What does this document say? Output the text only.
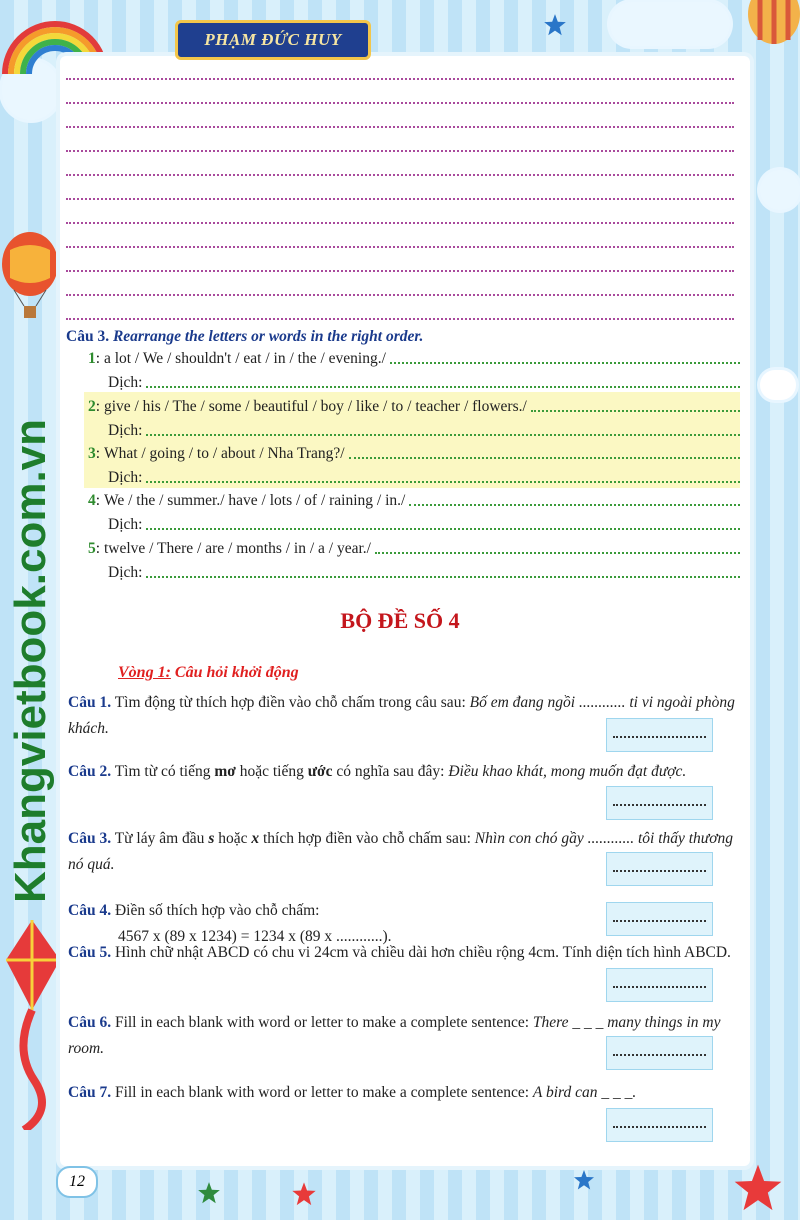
PHẠM ĐỨC HUY
Khangvietbook.com.vn
Câu 3. Rearrange the letters or words in the right order.
1 : a lot / We / shouldn't / eat / in / the / evening./
Dịch:
2 : give / his / The / some / beautiful / boy / like / to / teacher / flowers./
Dịch:
3 : What / going / to / about / Nha Trang?/
Dịch:
4 : We / the / summer./ have / lots / of / raining / in./
Dịch:
5 : twelve / There / are / months / in / a / year./
Dịch:
BỘ ĐỀ SỐ 4
Vòng 1: Câu hỏi khởi động
Câu 1. Tìm động từ thích hợp điền vào chỗ chấm trong câu sau: Bố em đang ngồi ............ ti vi ngoài phòng khách.
Câu 2. Tìm từ có tiếng mơ hoặc tiếng ước có nghĩa sau đây: Điều khao khát, mong muốn đạt được.
Câu 3. Từ láy âm đầu s hoặc x thích hợp điền vào chỗ chấm sau: Nhìn con chó gầy ............ tôi thấy thương nó quá.
Câu 4. Điền số thích hợp vào chỗ chấm:
4567 x (89 x 1234) = 1234 x (89 x ............).
Câu 5. Hình chữ nhật ABCD có chu vi 24cm và chiều dài hơn chiều rộng 4cm. Tính diện tích hình ABCD.
Câu 6. Fill in each blank with word or letter to make a complete sentence: There _ _ _ many things in my room.
Câu 7. Fill in each blank with word or letter to make a complete sentence: A bird can _ _ _.
12
